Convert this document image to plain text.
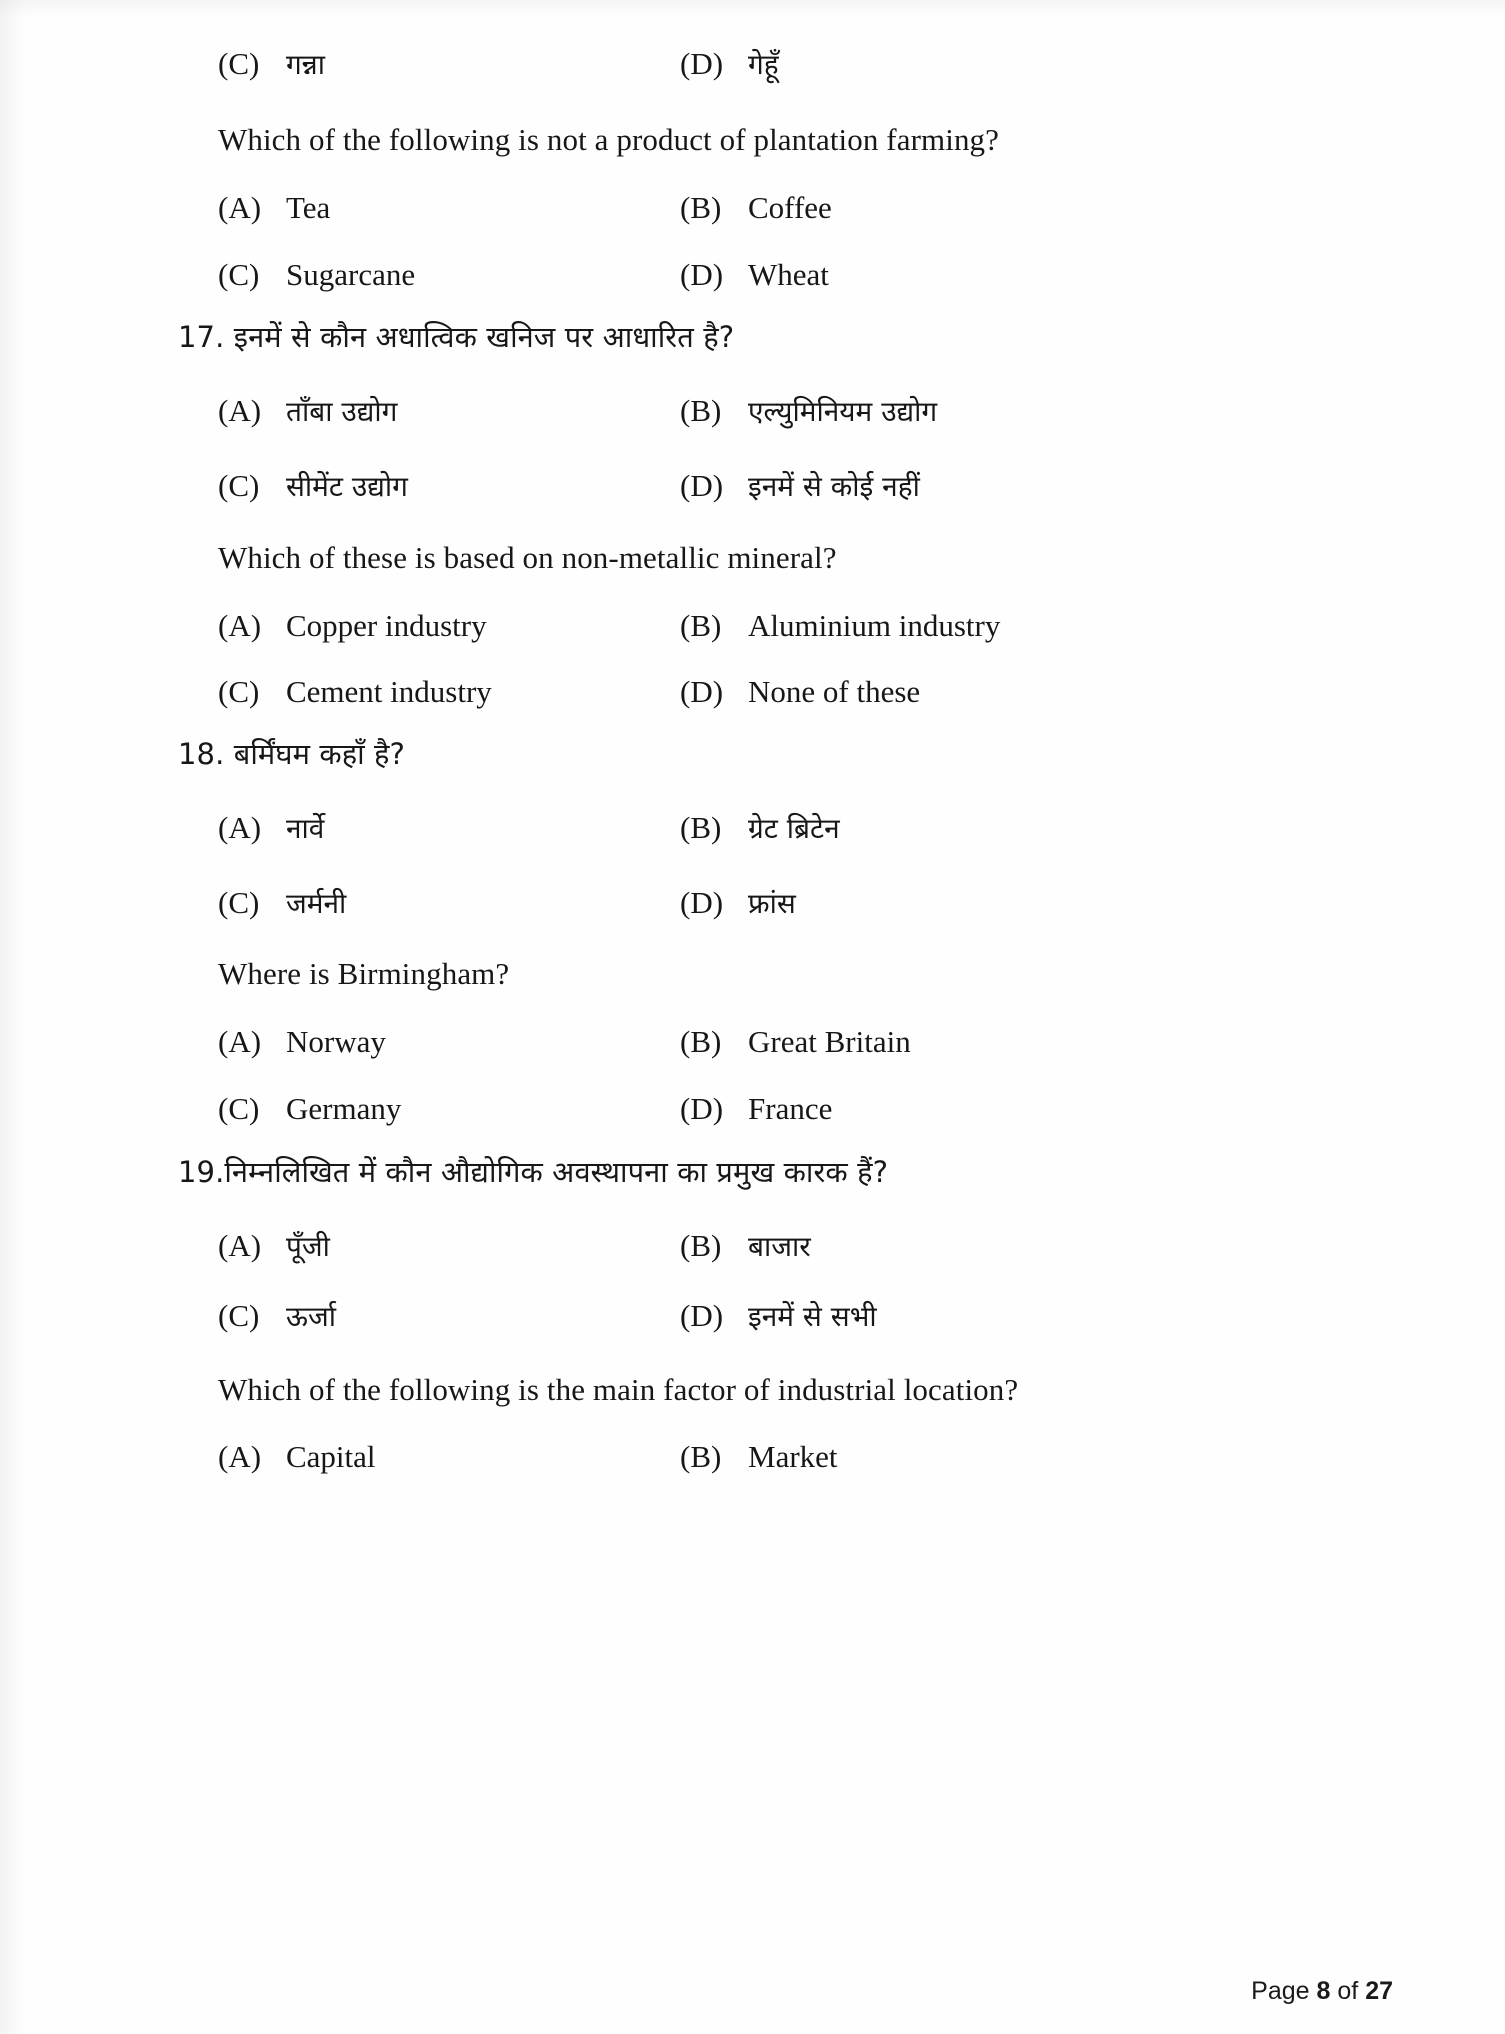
(C) गन्ना	(D) गेहूँ
Which of the following is not a product of plantation farming?
(A) Tea	(B) Coffee
(C) Sugarcane	(D) Wheat
17. इनमें से कौन अधात्विक खनिज पर आधारित है?
(A) ताँबा उद्योग	(B) एल्युमिनियम उद्योग
(C) सीमेंट उद्योग	(D) इनमें से कोई नहीं
Which of these is based on non-metallic mineral?
(A) Copper industry	(B) Aluminium industry
(C) Cement industry	(D) None of these
18. बर्मिंघम कहाँ है?
(A) नार्वे	(B) ग्रेट ब्रिटेन
(C) जर्मनी	(D) फ्रांस
Where is Birmingham?
(A) Norway	(B) Great Britain
(C) Germany	(D) France
19.निम्नलिखित में कौन औद्योगिक अवस्थापना का प्रमुख कारक हैं?
(A) पूँजी	(B) बाजार
(C) ऊर्जा	(D) इनमें से सभी
Which of the following is the main factor of industrial location?
(A) Capital	(B) Market
Page 8 of 27
